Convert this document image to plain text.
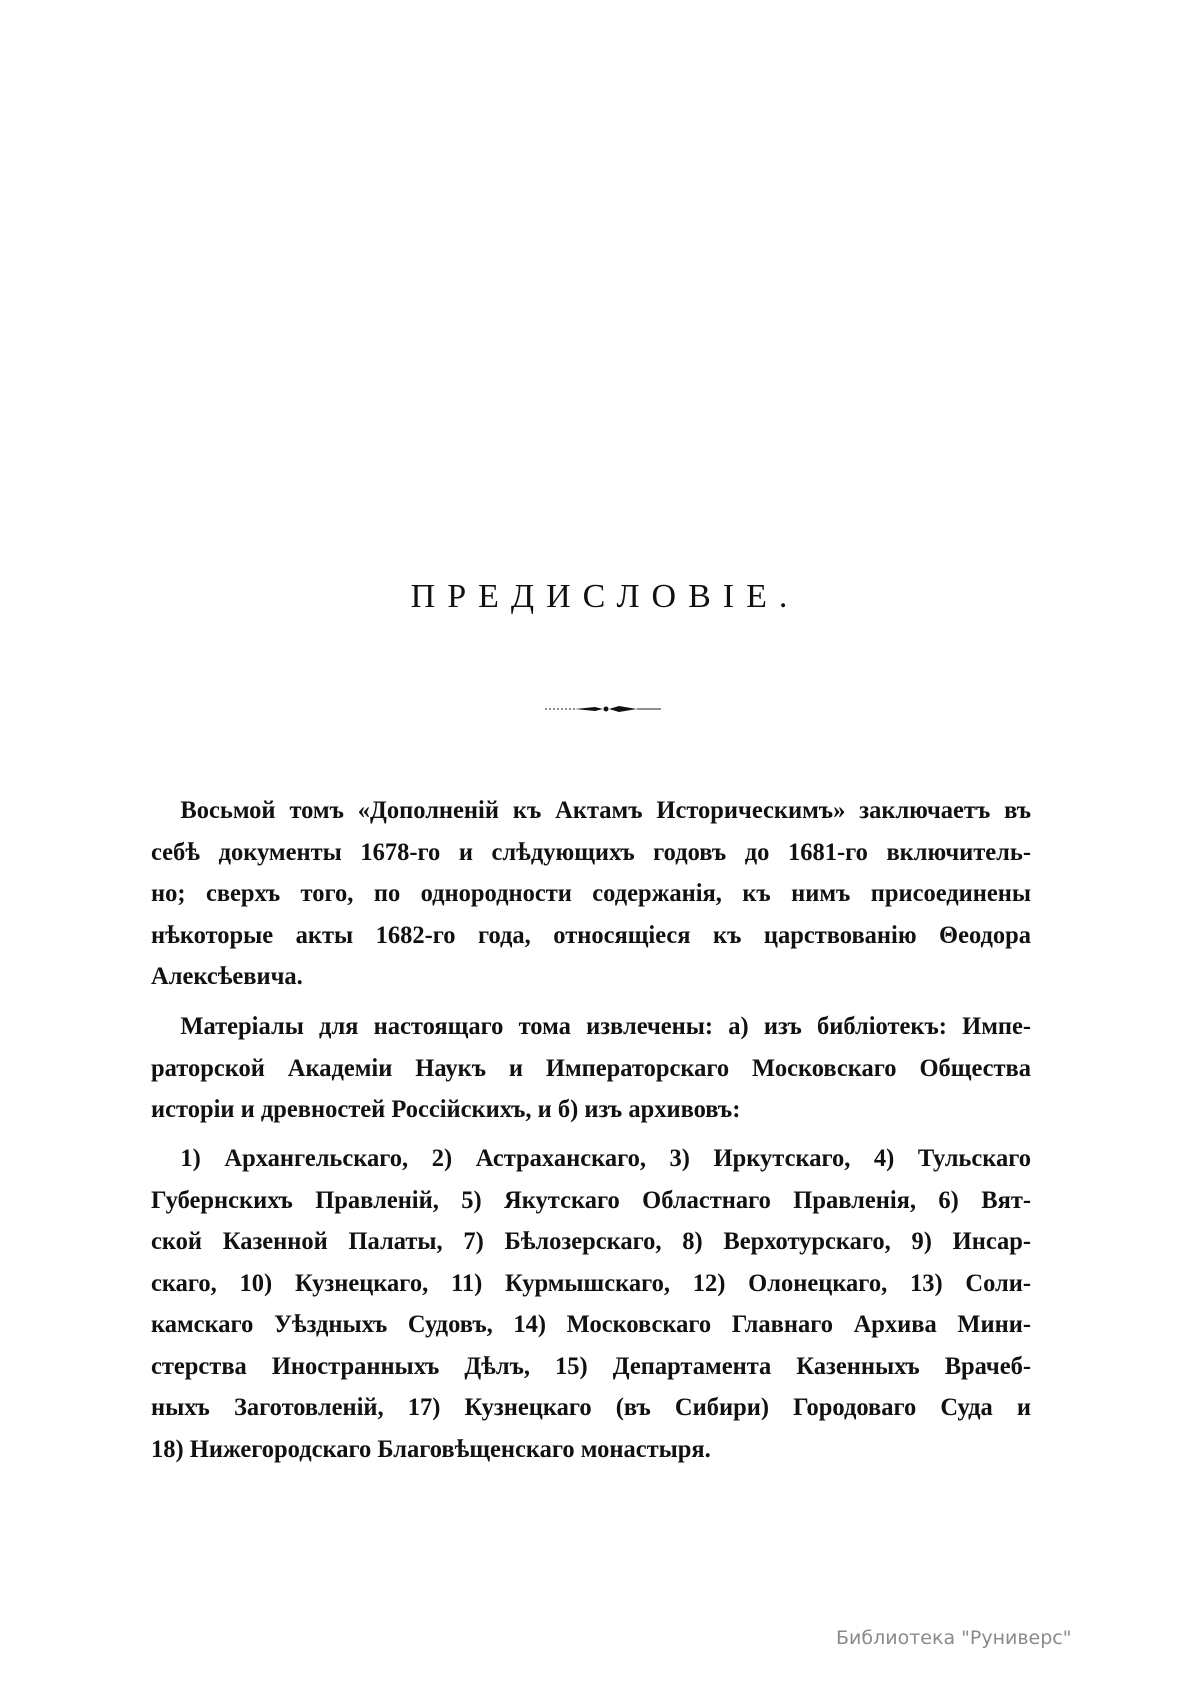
ПРЕДИСЛОВІЕ.
Восьмой томъ «Дополненій къ Актамъ Историческимъ» заключаетъ въ
себѣ документы 1678-го и слѣдующихъ годовъ до 1681-го включитель-
но; сверхъ того, по однородности содержанія, къ нимъ присоединены
нѣкоторые акты 1682-го года, относящіеся къ царствованію Θеодора
Алексѣевича.
Матеріалы для настоящаго тома извлечены: а) изъ библіотекъ: Импе-
раторской Академіи Наукъ и Императорскаго Московскаго Общества
исторіи и древностей Россійскихъ, и б) изъ архивовъ:
1) Архангельскаго, 2) Астраханскаго, 3) Иркутскаго, 4) Тульскаго
Губернскихъ Правленій, 5) Якутскаго Областнаго Правленія, 6) Вят-
ской Казенной Палаты, 7) Бѣлозерскаго, 8) Верхотурскаго, 9) Инсар-
скаго, 10) Кузнецкаго, 11) Курмышскаго, 12) Олонецкаго, 13) Соли-
камскаго Уѣздныхъ Судовъ, 14) Московскаго Главнаго Архива Мини-
стерства Иностранныхъ Дѣлъ, 15) Департамента Казенныхъ Врачеб-
ныхъ Заготовленій, 17) Кузнецкаго (въ Сибири) Городоваго Суда и
18) Нижегородскаго Благовѣщенскаго монастыря.
Библиотека "Руниверс"
